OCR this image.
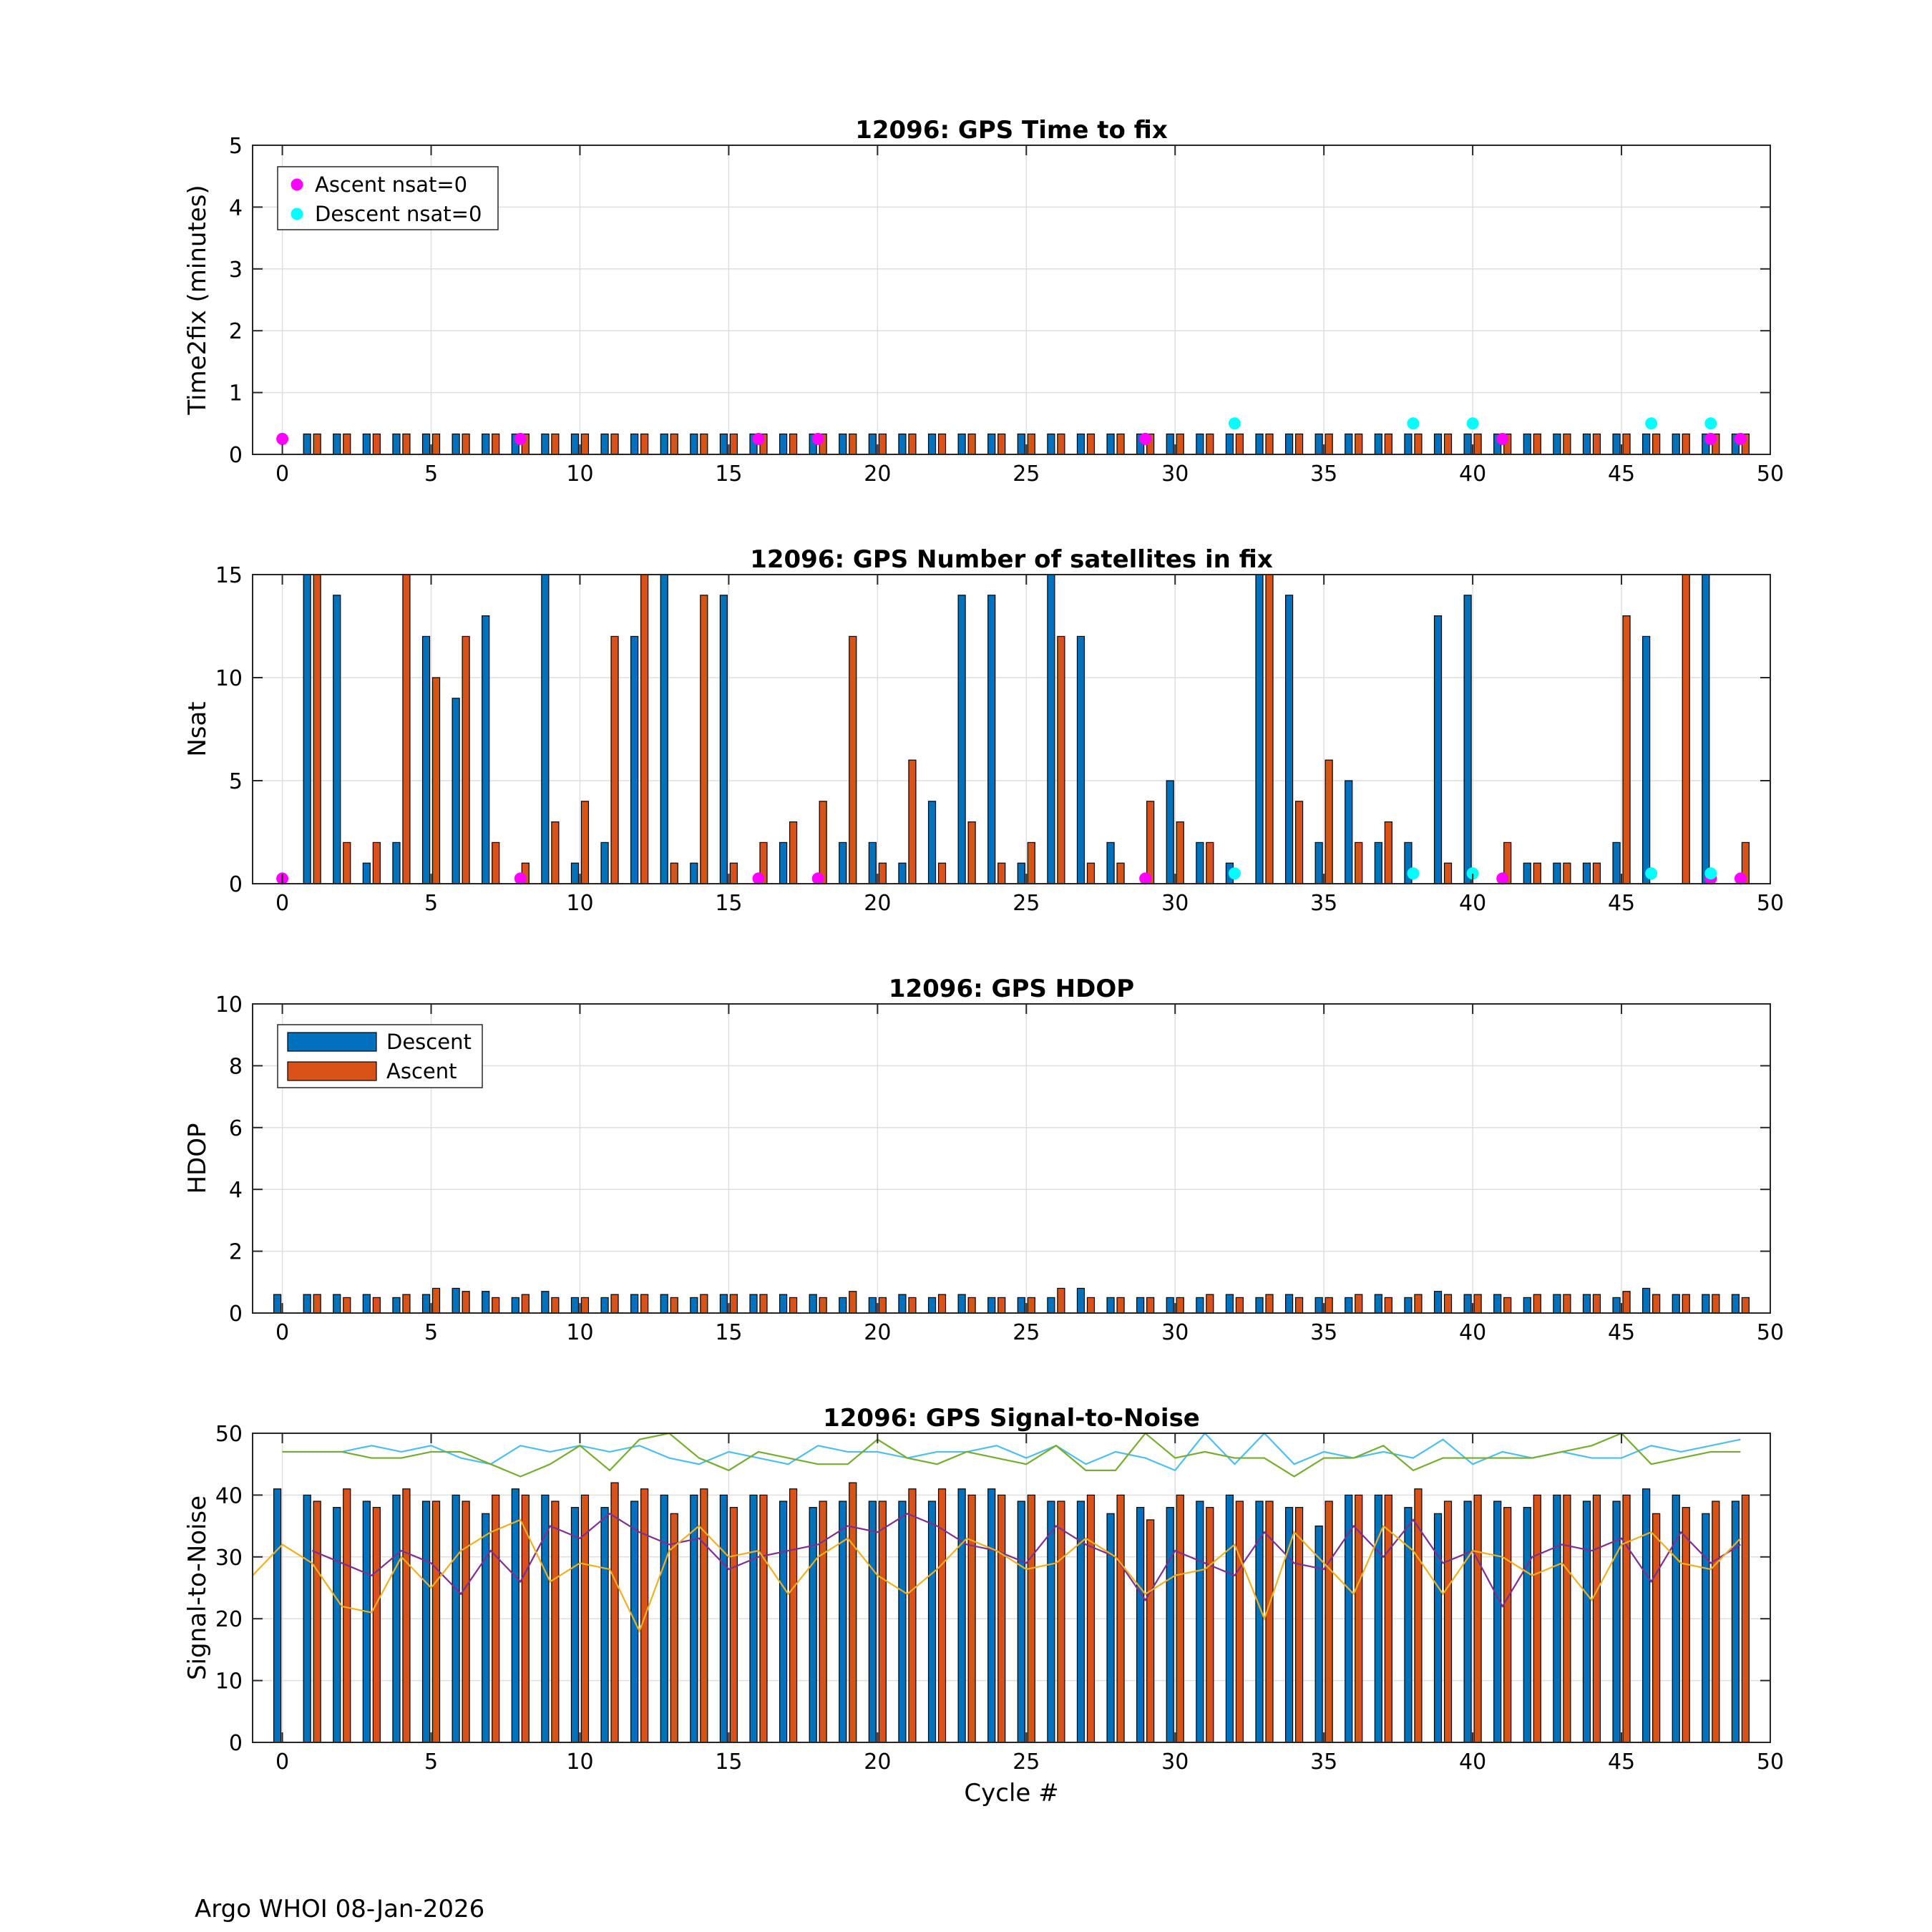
0	5	10	15	20	25	30	35	40	45	50
0
1
2
3
4
5
12096: GPS Time to fix
Time2fix (minutes)
Ascent nsat=0
Descent nsat=0
0	5	10	15	20	25	30	35	40	45	50
0
5
10
15
12096: GPS Number of satellites in fix
Nsat
0	5	10	15	20	25	30	35	40	45	50
0
2
4
6
8
10
12096: GPS HDOP
HDOP
Descent
Ascent
0	5	10	15	20	25	30	35	40	45	50
0
10
20
30
40
50
12096: GPS Signal-to-Noise
Signal-to-Noise
Cycle #
Argo WHOI 08-Jan-2026
